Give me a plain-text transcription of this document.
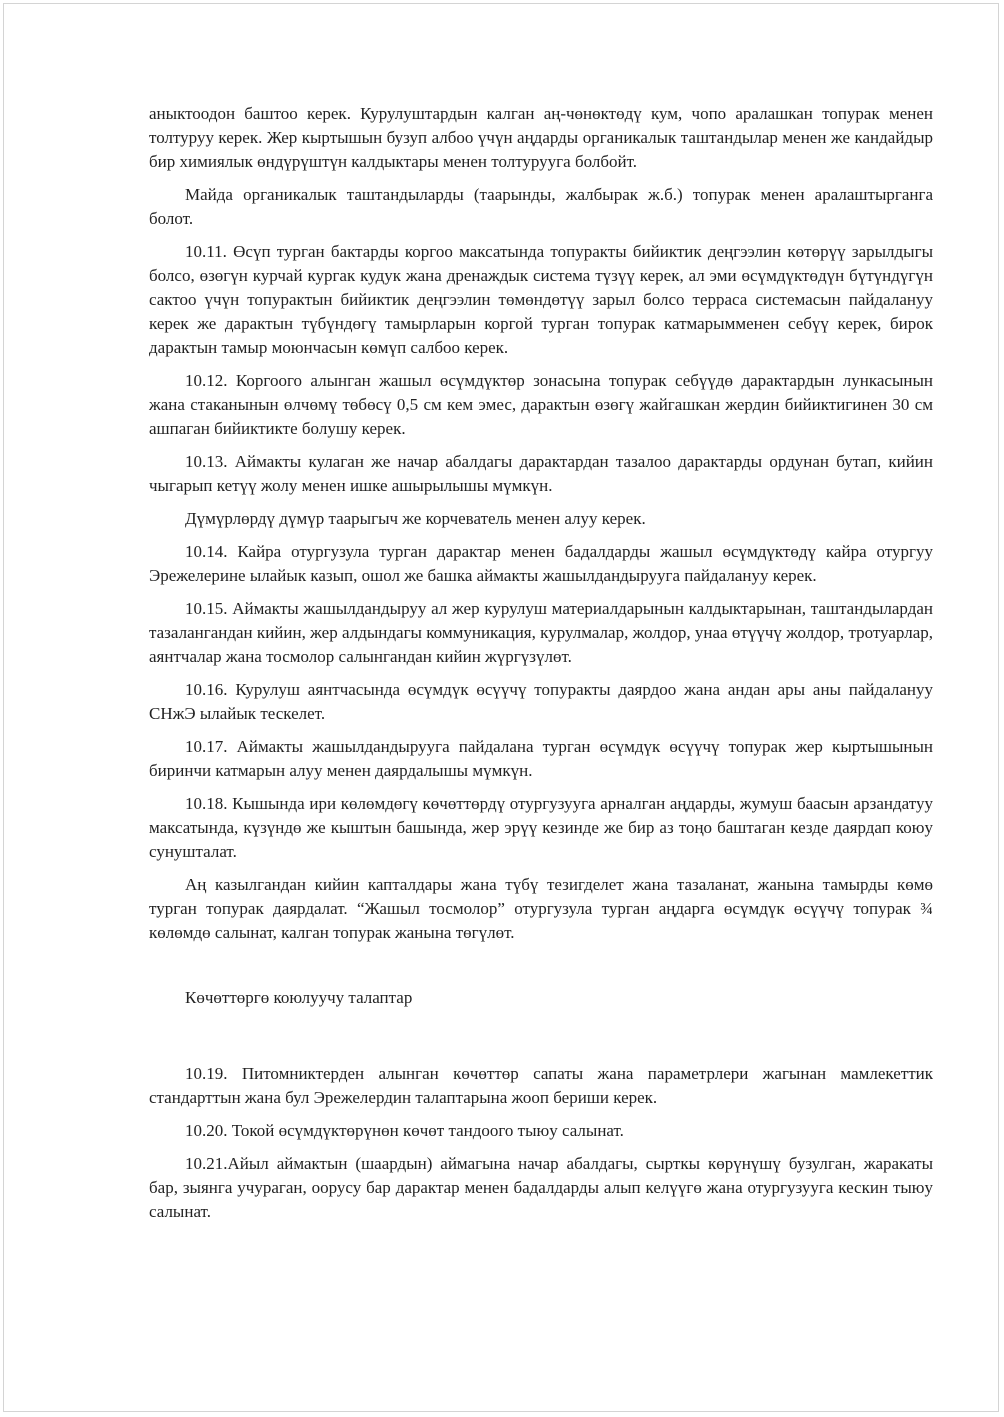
аныктоодон баштоо керек. Курулуштардын калган аң-чөнөктөдү кум, чопо аралашкан топурак менен толтуруу керек. Жер кыртышын бузуп албоо үчүн аңдарды органикалык таштандылар менен же кандайдыр бир химиялык өндүрүштүн калдыктары менен толтурууга болбойт.

Майда органикалык таштандыларды (таарынды, жалбырак ж.б.) топурак менен аралаштырганга болот.

10.11. Өсүп турган бактарды коргоо максатында топуракты бийиктик деңгээлин көтөрүү зарылдыгы болсо, өзөгүн курчай кургак кудук жана дренаждык система түзүү керек, ал эми өсүмдүктөдүн бүтүндүгүн сактоо үчүн топурактын бийиктик деңгээлин төмөндөтүү зарыл болсо терраса системасын пайдалануу керек же дарактын түбүндөгү тамырларын коргой турган топурак катмарымменен себүү керек, бирок дарактын тамыр моюнчасын көмүп салбоо керек.

10.12. Коргоого алынган жашыл өсүмдүктөр зонасына топурак себүүдө дарактардын лункасынын жана стаканынын өлчөмү төбөсү 0,5 см кем эмес, дарактын өзөгү жайгашкан жердин бийиктигинен 30 см ашпаган бийиктикте болушу керек.

10.13. Аймакты кулаган же начар абалдагы дарактардан тазалоо дарактарды ордунан бутап, кийин чыгарып кетүү жолу менен ишке ашырылышы мүмкүн.

Дүмүрлөрдү дүмүр таарыгыч же корчеватель менен алуу керек.

10.14. Кайра отургузула турган дарактар менен бадалдарды жашыл өсүмдүктөдү кайра отургуу Эрежелерине ылайык казып, ошол же башка аймакты жашылдандырууга пайдалануу керек.

10.15. Аймакты жашылдандыруу ал жер курулуш материалдарынын калдыктарынан, таштандылардан тазалангандан кийин, жер алдындагы коммуникация, курулмалар, жолдор, унаа өтүүчү жолдор, тротуарлар, аянтчалар жана тосмолор салынгандан кийин жүргүзүлөт.

10.16. Курулуш аянтчасында өсүмдүк өсүүчү топуракты даярдоо жана андан ары аны пайдалануу СНжЭ ылайык тескелет.

10.17. Аймакты жашылдандырууга пайдалана турган өсүмдүк өсүүчү топурак жер кыртышынын биринчи катмарын алуу менен даярдалышы мүмкүн.

10.18. Кышында ири көлөмдөгү көчөттөрдү отургузууга арналган аңдарды, жумуш баасын арзандатуу максатында, күзүндө же кыштын башында, жер эрүү кезинде же бир аз тоңо баштаган кезде даярдап коюу сунушталат.

Аң казылгандан кийин капталдары жана түбү тезигделет жана тазаланат, жанына тамырды көмө турган топурак даярдалат. “Жашыл тосмолор” отургузула турган аңдарга өсүмдүк өсүүчү топурак ¾ көлөмдө салынат, калган топурак жанына төгүлөт.

Көчөттөргө коюлуучу талаптар

10.19. Питомниктерден алынган көчөттөр сапаты жана параметрлери жагынан мамлекеттик стандарттын жана бул Эрежелердин талаптарына жооп бериши керек.

10.20. Токой өсүмдүктөрүнөн көчөт тандоого тыюу салынат.

10.21.Айыл аймактын (шаардын) аймагына начар абалдагы, сырткы көрүнүшү бузулган, жаракаты бар, зыянга учураган, оорусу бар дарактар менен бадалдарды алып келүүгө жана отургузууга кескин тыюу салынат.
